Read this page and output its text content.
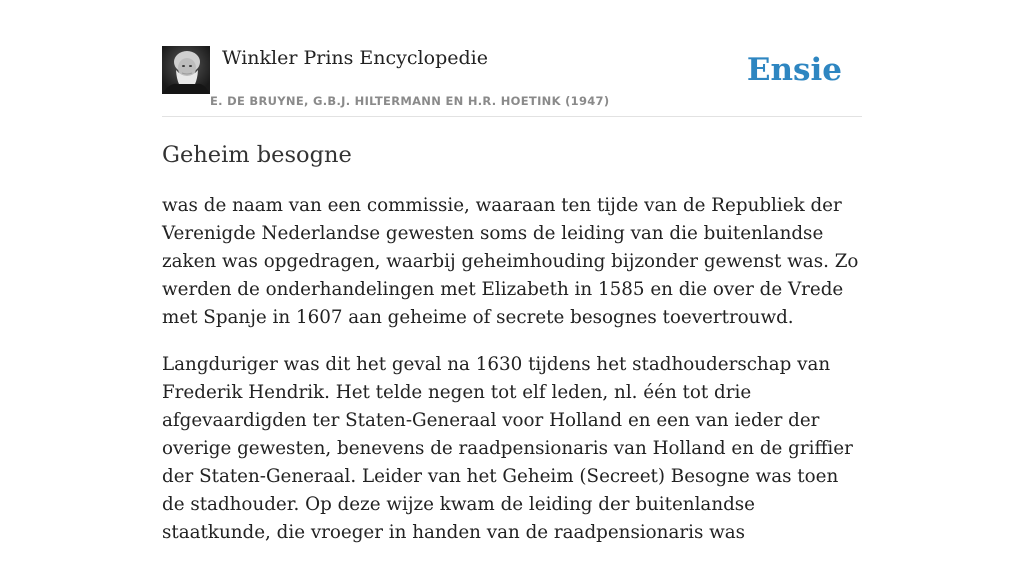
Winkler Prins Encyclopedie
E. DE BRUYNE, G.B.J. HILTERMANN EN H.R. HOETINK (1947)
Ensie
Geheim besogne

was de naam van een commissie, waaraan ten tijde van de Republiek der Verenigde Nederlandse gewesten soms de leiding van die buitenlandse zaken was opgedragen, waarbij geheimhouding bijzonder gewenst was. Zo werden de onderhandelingen met Elizabeth in 1585 en die over de Vrede met Spanje in 1607 aan geheime of secrete besognes toevertrouwd.

Langduriger was dit het geval na 1630 tijdens het stadhouderschap van Frederik Hendrik. Het telde negen tot elf leden, nl. één tot drie afgevaardigden ter Staten-Generaal voor Holland en een van ieder der overige gewesten, benevens de raadpensionaris van Holland en de griffier der Staten-Generaal. Leider van het Geheim (Secreet) Besogne was toen de stadhouder. Op deze wijze kwam de leiding der buitenlandse staatkunde, die vroeger in handen van de raadpensionaris was
